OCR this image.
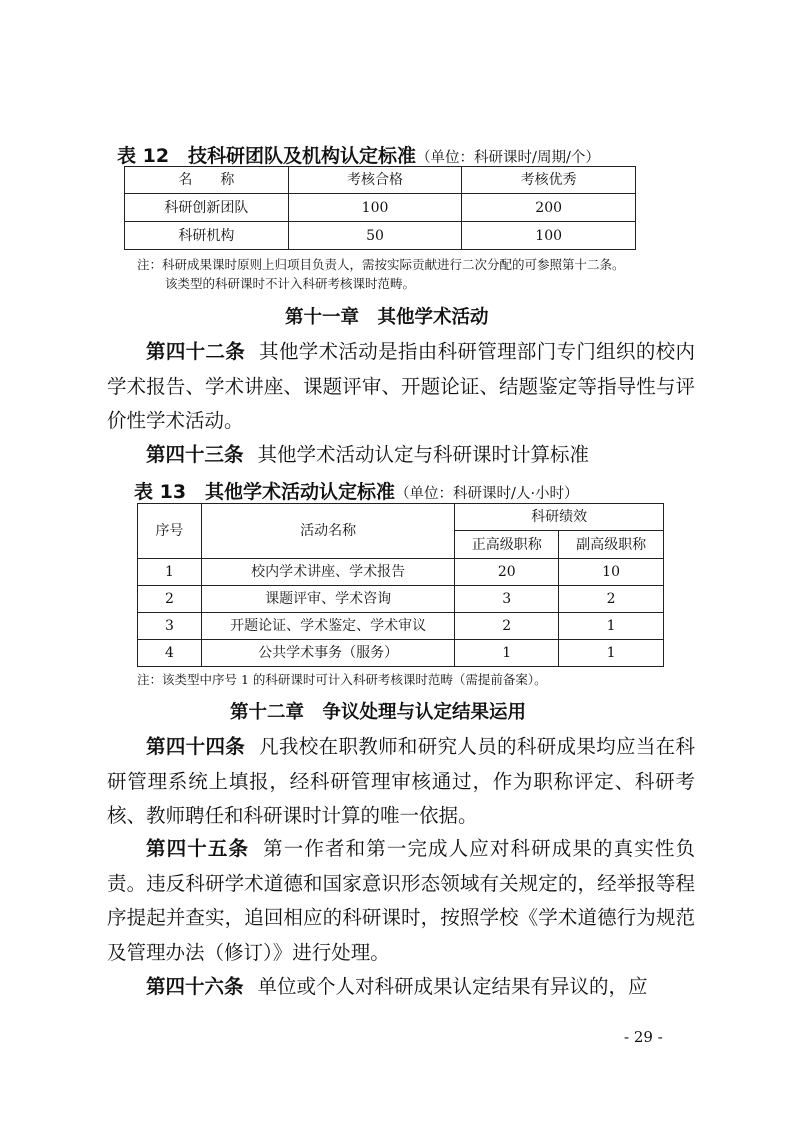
表 12　技科研团队及机构认定标准（单位：科研课时/周期/个）
名　　称	考核合格	考核优秀
科研创新团队	100	200
科研机构	50	100
注：科研成果课时原则上归项目负责人，需按实际贡献进行二次分配的可参照第十二条。
该类型的科研课时不计入科研考核课时范畴。
第十一章　其他学术活动

第四十二条 其他学术活动是指由科研管理部门专门组织的校内学术报告、学术讲座、课题评审、开题论证、结题鉴定等指导性与评价性学术活动。

第四十三条 其他学术活动认定与科研课时计算标准

表 13　其他学术活动认定标准（单位：科研课时/人·小时）
序号	活动名称	科研绩效	
		正高级职称	副高级职称
1	校内学术讲座、学术报告	20	10
2	课题评审、学术咨询	3	2
3	开题论证、学术鉴定、学术审议	2	1
4	公共学术事务（服务）	1	1
注：该类型中序号 1 的科研课时可计入科研考核课时范畴（需提前备案）。
第十二章　争议处理与认定结果运用

第四十四条 凡我校在职教师和研究人员的科研成果均应当在科研管理系统上填报，经科研管理审核通过，作为职称评定、科研考核、教师聘任和科研课时计算的唯一依据。

第四十五条 第一作者和第一完成人应对科研成果的真实性负责。违反科研学术道德和国家意识形态领域有关规定的，经举报等程序提起并查实，追回相应的科研课时，按照学校《学术道德行为规范及管理办法（修订）》进行处理。

第四十六条 单位或个人对科研成果认定结果有异议的，应

- 29 -
